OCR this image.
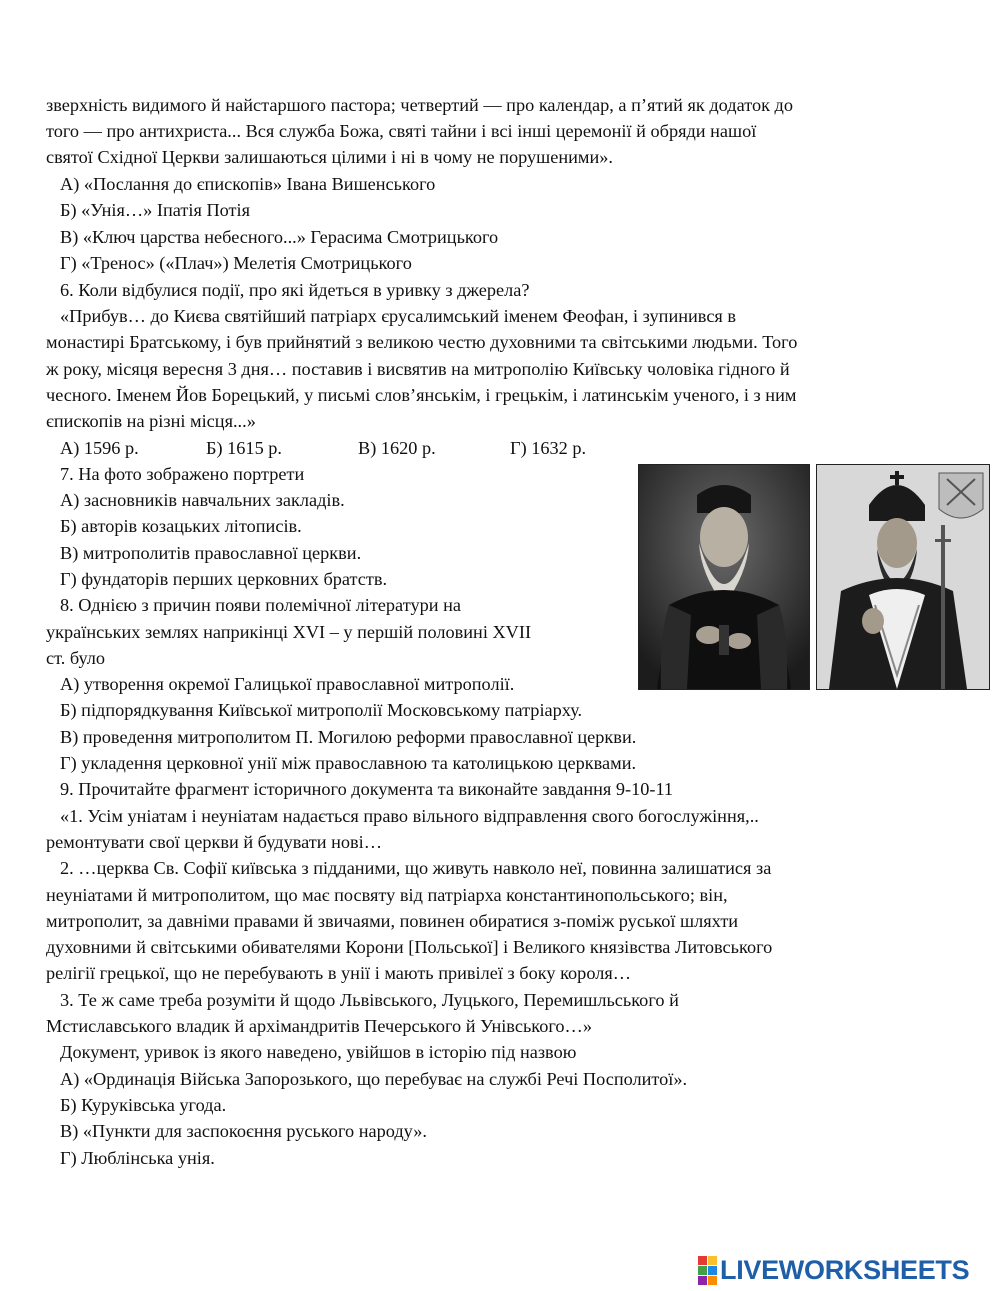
зверхність видимого й найстаршого пастора; четвертий — про календар, а п’ятий як додаток до
того — про антихриста... Вся служба Божа, святі тайни і всі інші церемонії й обряди нашої
святої Східної Церкви залишаються цілими і ні в чому не порушеними».
А) «Послання до єпископів» Івана Вишенського
Б) «Унія…» Іпатія Потія
В) «Ключ царства небесного...» Герасима Смотрицького
Г) «Тренос» («Плач») Мелетія Смотрицького
6. Коли відбулися події, про які йдеться в уривку з джерела?
«Прибув… до Києва святійший патріарх єрусалимський іменем Феофан, і зупинився в
монастирі Братському, і був прийнятий з великою честю духовними та світськими людьми. Того
ж року, місяця вересня 3 дня… поставив і висвятив на митрополію Київську чоловіка гідного й
чесного. Іменем Йов Борецький, у письмі слов’янськім, і грецькім, і латинськім ученого, і з ним
єпископів на різні місця...»
А) 1596 р.	Б) 1615 р.	В) 1620 р.	Г) 1632 р.
7. На фото зображено портрети
А) засновників навчальних закладів.
Б) авторів козацьких літописів.
В) митрополитів православної церкви.
Г) фундаторів перших церковних братств.
8. Однією з причин появи полемічної літератури на
українських землях наприкінці XVI – у першій половині XVII
ст. було
А) утворення окремої Галицької православної митрополії.
Б) підпорядкування Київської митрополії Московському патріарху.
В) проведення митрополитом П. Могилою реформи православної церкви.
Г) укладення церковної унії між православною та католицькою церквами.
9. Прочитайте фрагмент історичного документа та виконайте завдання 9-10-11
«1. Усім уніатам і неуніатам надається право вільного відправлення свого богослужіння,..
ремонтувати свої церкви й будувати нові…
2. …церква Св. Софії київська з підданими, що живуть навколо неї, повинна залишатися за
неуніатами й митрополитом, що має посвяту від патріарха константинопольського; він,
митрополит, за давніми правами й звичаями, повинен обиратися з-поміж руської шляхти
духовними й світськими обивателями Корони [Польської] і Великого князівства Литовського
релігії грецької, що не перебувають в унії і мають привілеї з боку короля…
3. Те ж саме треба розуміти й щодо Львівського, Луцького, Перемишльського й
Мстиславського владик й архімандритів Печерського й Унівського…»
Документ, уривок із якого наведено, увійшов в історію під назвою
А) «Ординація Війська Запорозького, що перебуває на службі Речі Посполитої».
Б) Куруківська угода.
В) «Пункти для заспокоєння руського народу».
Г) Люблінська унія.
LIVEWORKSHEETS
